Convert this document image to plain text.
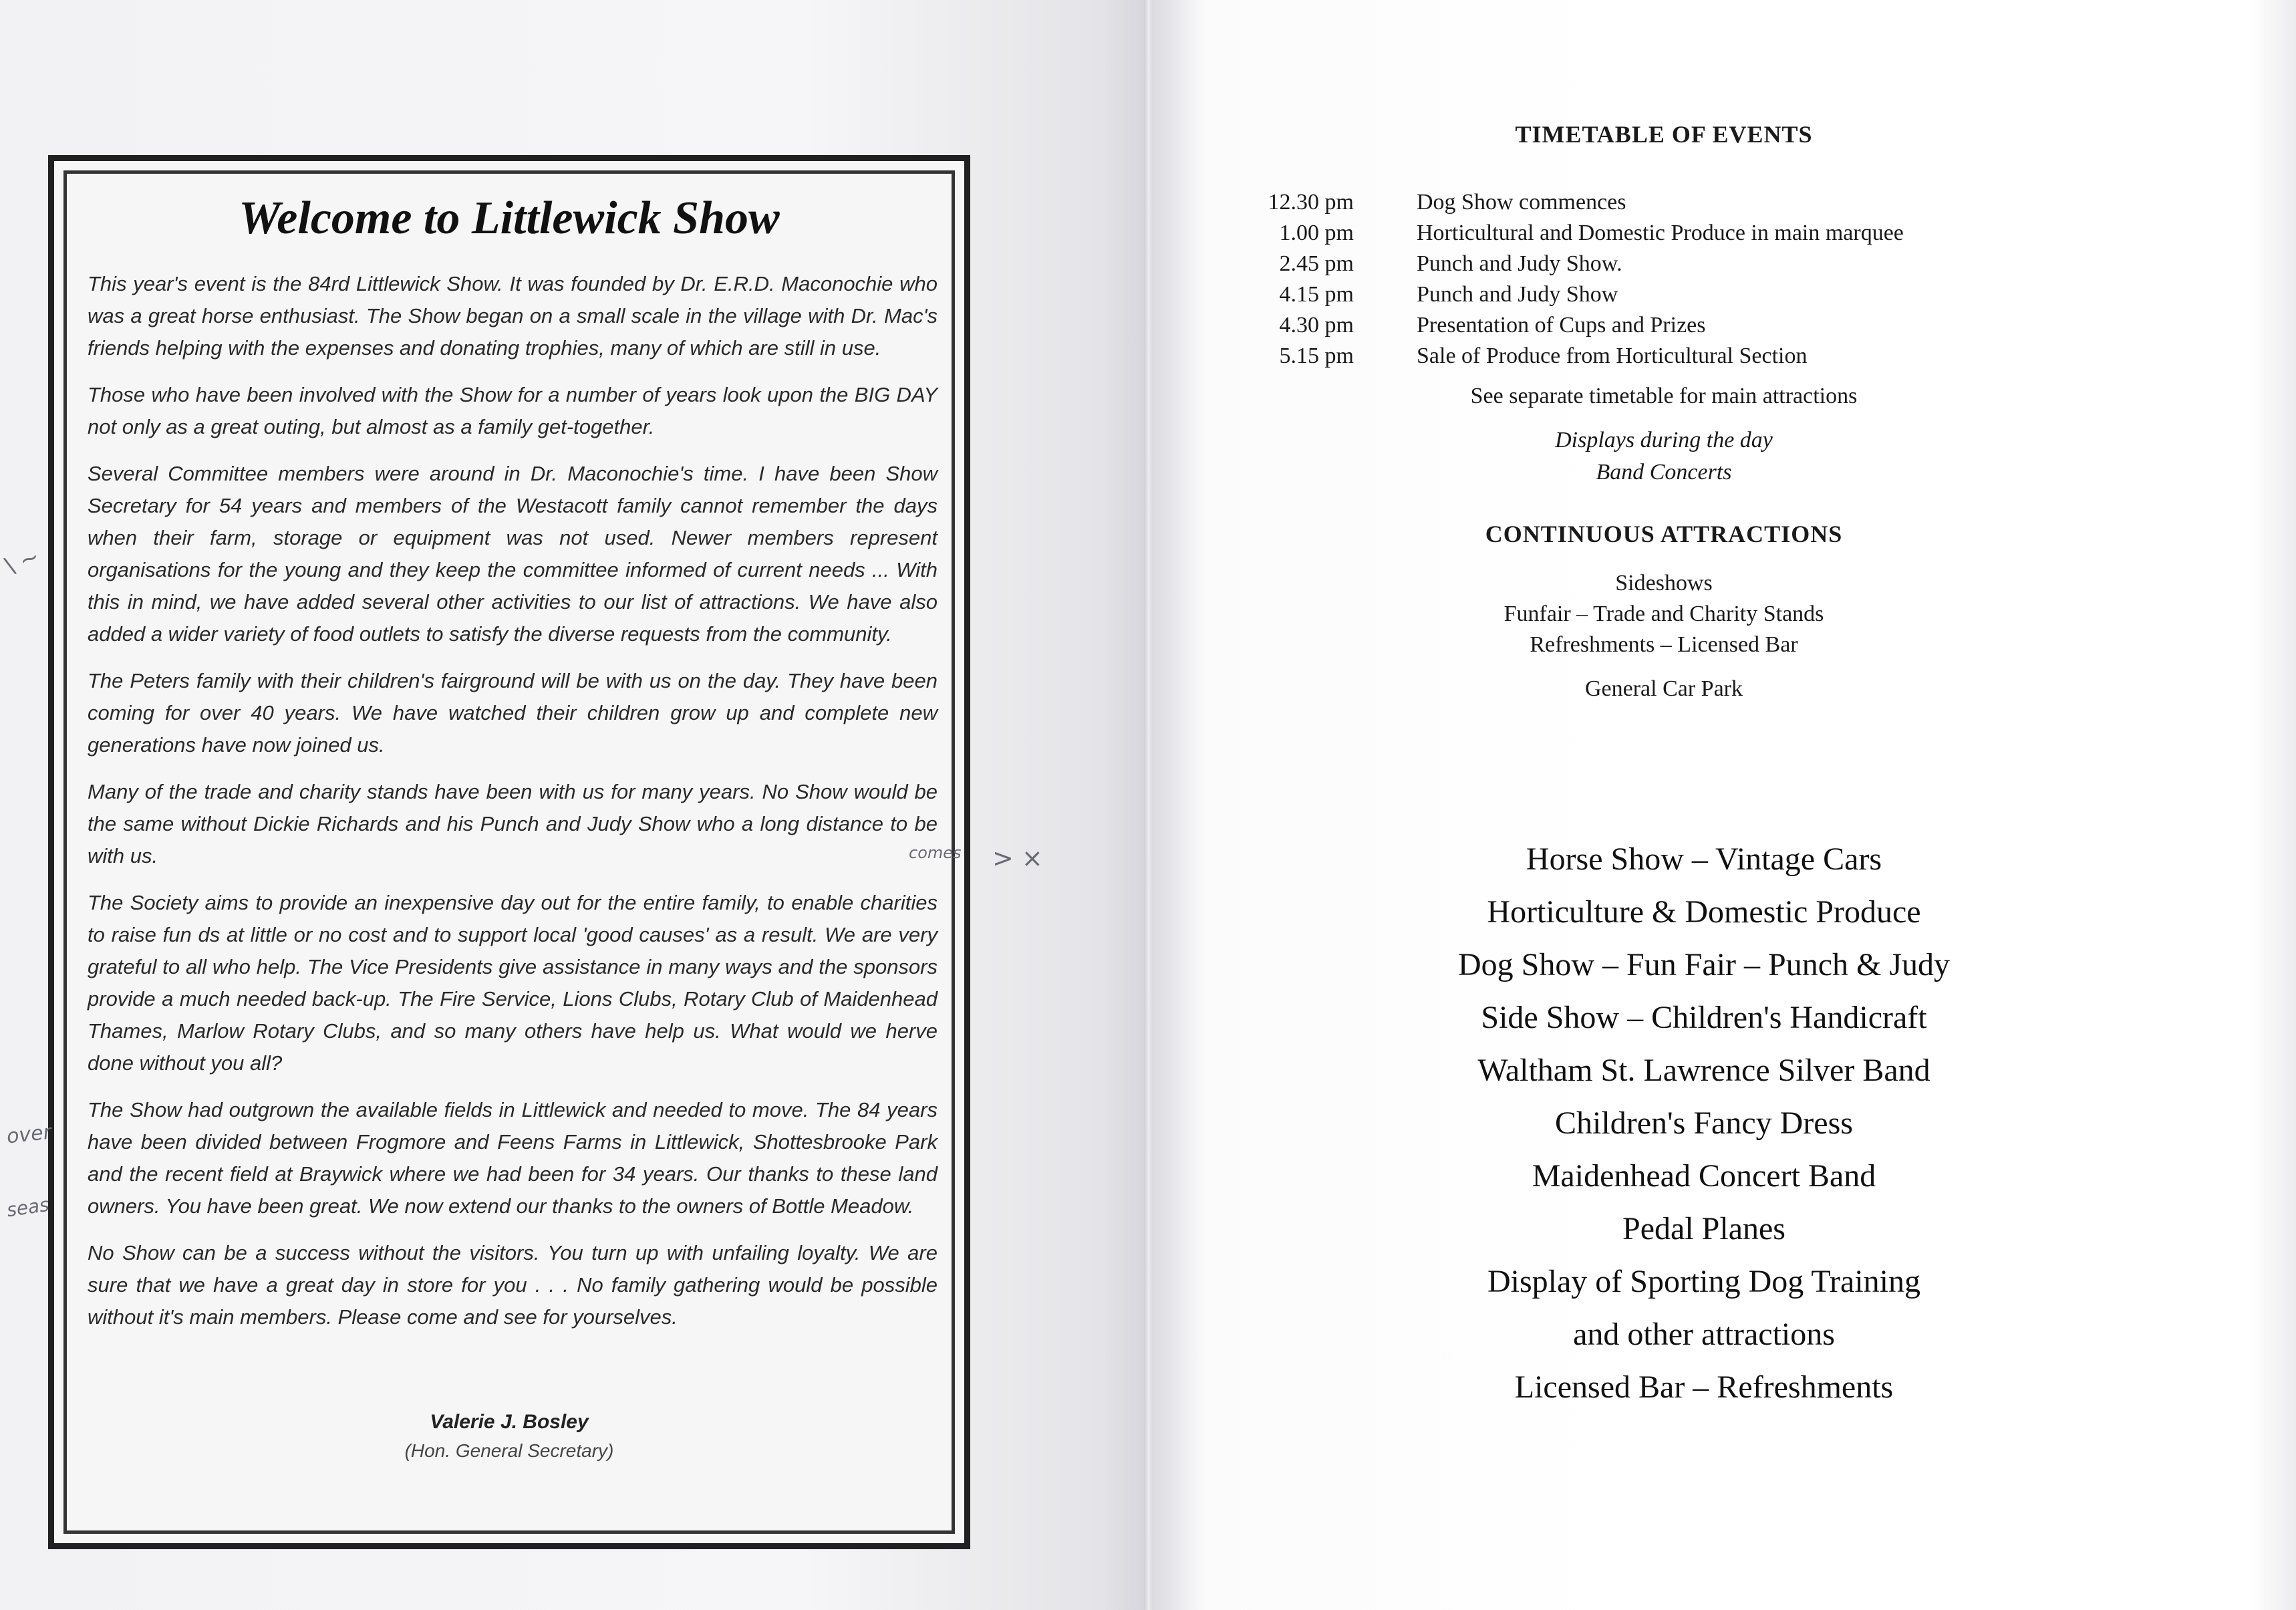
Welcome to Littlewick Show

This year's event is the 84rd Littlewick Show. It was founded by Dr. E.R.D. Maconochie who was a great horse enthusiast. The Show began on a small scale in the village with Dr. Mac's friends helping with the expenses and donating trophies, many of which are still in use.

Those who have been involved with the Show for a number of years look upon the BIG DAY not only as a great outing, but almost as a family get-together.

Several Committee members were around in Dr. Maconochie's time. I have been Show Secretary for 54 years and members of the Westacott family cannot remember the days when their farm, storage or equipment was not used. Newer members represent organisations for the young and they keep the committee informed of current needs ... With this in mind, we have added several other activities to our list of attractions. We have also added a wider variety of food outlets to satisfy the diverse requests from the community.

The Peters family with their children's fairground will be with us on the day. They have been coming for over 40 years. We have watched their children grow up and complete new generations have now joined us.

Many of the trade and charity stands have been with us for many years. No Show would be the same without Dickie Richards and his Punch and Judy Show who a long distance to be with us.

The Society aims to provide an inexpensive day out for the entire family, to enable charities to raise fun ds at little or no cost and to support local 'good causes' as a result. We are very grateful to all who help. The Vice Presidents give assistance in many ways and the sponsors provide a much needed back-up. The Fire Service, Lions Clubs, Rotary Club of Maidenhead Thames, Marlow Rotary Clubs, and so many others have help us. What would we herve done without you all?

The Show had outgrown the available fields in Littlewick and needed to move. The 84 years have been divided between Frogmore and Feens Farms in Littlewick, Shottesbrooke Park and the recent field at Braywick where we had been for 34 years. Our thanks to these land owners. You have been great. We now extend our thanks to the owners of Bottle Meadow.

No Show can be a success without the visitors. You turn up with unfailing loyalty. We are sure that we have a great day in store for you . . . No family gathering would be possible without it's main members. Please come and see for yourselves.

Valerie J. Bosley
(Hon. General Secretary)
comes
over
seas
> ×
\ ~
TIMETABLE OF EVENTS
12.30 pm	Dog Show commences
1.00 pm	Horticultural and Domestic Produce in main marquee
2.45 pm	Punch and Judy Show.
4.15 pm	Punch and Judy Show
4.30 pm	Presentation of Cups and Prizes
5.15 pm	Sale of Produce from Horticultural Section
See separate timetable for main attractions
Displays during the day
Band Concerts
CONTINUOUS ATTRACTIONS
Sideshows
Funfair – Trade and Charity Stands
Refreshments – Licensed Bar
General Car Park
Horse Show – Vintage Cars
Horticulture & Domestic Produce
Dog Show – Fun Fair – Punch & Judy
Side Show – Children's Handicraft
Waltham St. Lawrence Silver Band
Children's Fancy Dress
Maidenhead Concert Band
Pedal Planes
Display of Sporting Dog Training
and other attractions
Licensed Bar – Refreshments
